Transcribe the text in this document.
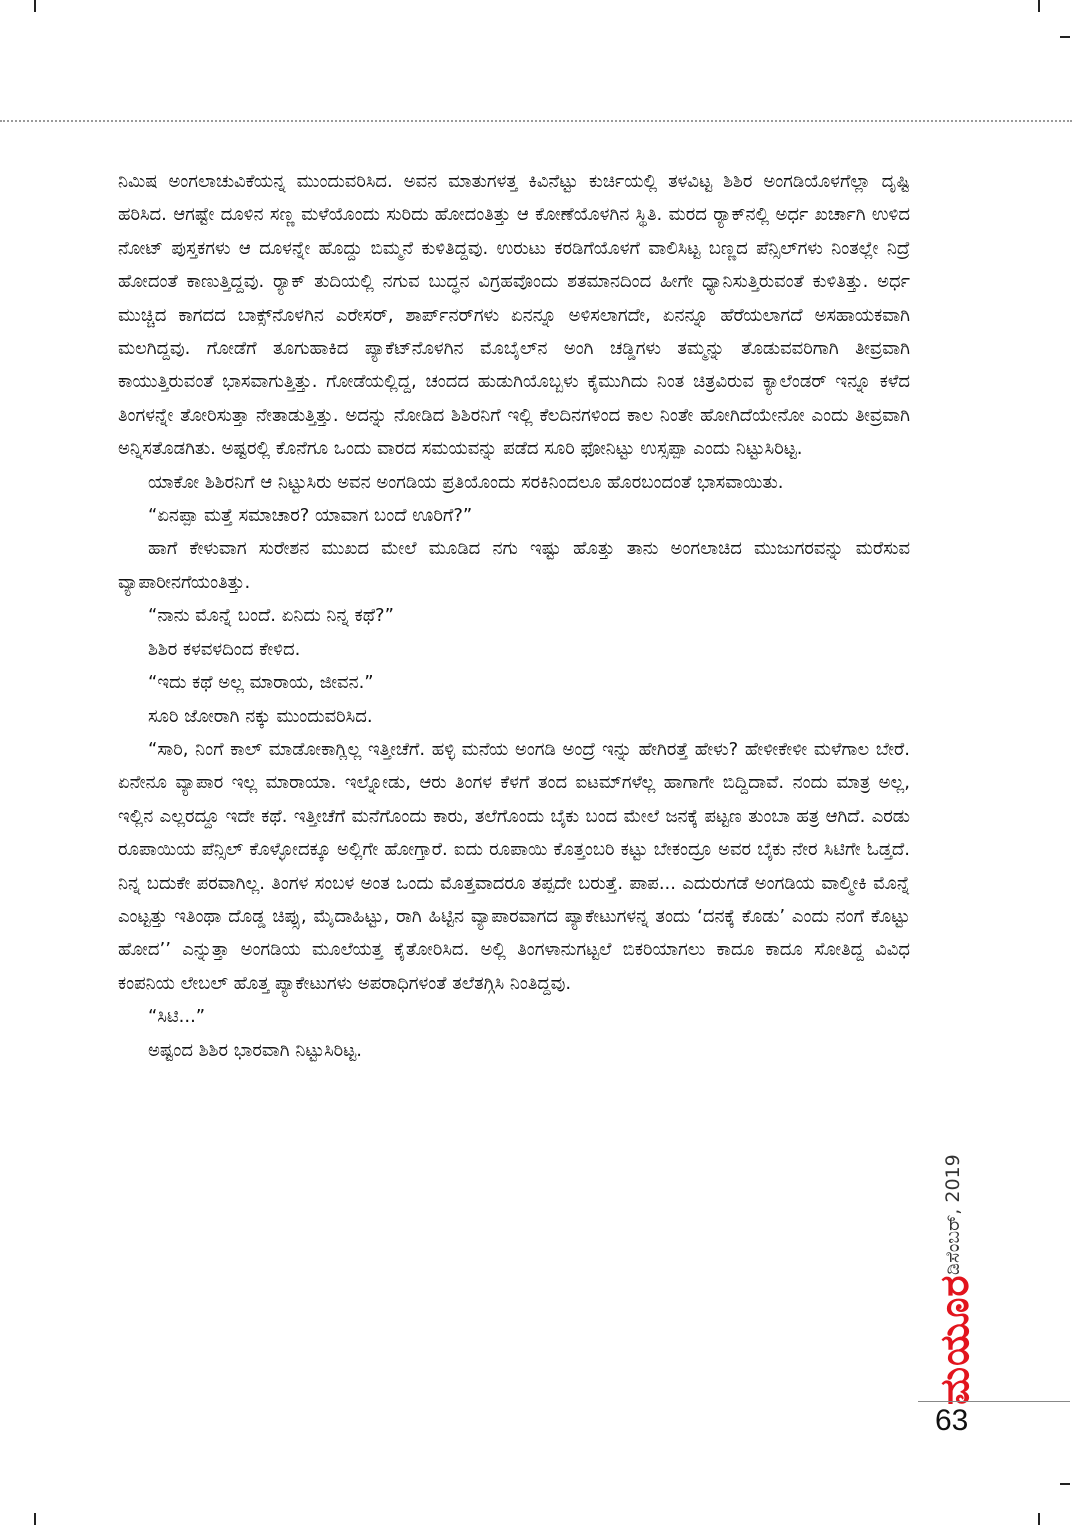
ನಿಮಿಷ ಅಂಗಲಾಚುವಿಕೆಯನ್ನ ಮುಂದುವರಿಸಿದ. ಅವನ ಮಾತುಗಳತ್ತ ಕಿವಿನೆಟ್ಟು ಕುರ್ಚಿಯಲ್ಲಿ ತಳವಿಟ್ಟ ಶಿಶಿರ ಅಂಗಡಿಯೊಳಗೆಲ್ಲಾ ದೃಷ್ಟಿ ಹರಿಸಿದ. ಆಗಷ್ಟೇ ದೂಳಿನ ಸಣ್ಣ ಮಳೆಯೊಂದು ಸುರಿದು ಹೋದಂತಿತ್ತು ಆ ಕೋಣೆಯೊಳಗಿನ ಸ್ಥಿತಿ. ಮರದ ರ್‍ಯಾಕ್‌ನಲ್ಲಿ ಅರ್ಧ ಖರ್ಚಾಗಿ ಉಳಿದ ನೋಟ್ ಪುಸ್ತಕಗಳು ಆ ದೂಳನ್ನೇ ಹೊದ್ದು ಬಿಮ್ಮನೆ ಕುಳಿತಿದ್ದವು. ಉರುಟು ಕರಡಿಗೆಯೊಳಗೆ ವಾಲಿಸಿಟ್ಟ ಬಣ್ಣದ ಪೆನ್ಸಿಲ್‌ಗಳು ನಿಂತಲ್ಲೇ ನಿದ್ರೆ ಹೋದಂತೆ ಕಾಣುತ್ತಿದ್ದವು. ರ್‍ಯಾಕ್ ತುದಿಯಲ್ಲಿ ನಗುವ ಬುದ್ಧನ ವಿಗ್ರಹವೊಂದು ಶತಮಾನದಿಂದ ಹೀಗೇ ಧ್ಯಾನಿಸುತ್ತಿರುವಂತೆ ಕುಳಿತಿತ್ತು. ಅರ್ಧ ಮುಚ್ಚಿದ ಕಾಗದದ ಬಾಕ್ಸ್‌ನೊಳಗಿನ ಎರೇಸರ್, ಶಾರ್ಪ್‌ನರ್‌ಗಳು ಏನನ್ನೂ ಅಳಿಸಲಾಗದೇ, ಏನನ್ನೂ ಹೆರೆಯಲಾಗದೆ ಅಸಹಾಯಕವಾಗಿ ಮಲಗಿದ್ದವು. ಗೋಡೆಗೆ ತೂಗುಹಾಕಿದ ಪ್ಯಾಕೆಟ್‌ನೊಳಗಿನ ಮೊಬೈಲ್‌ನ ಅಂಗಿ ಚಡ್ಡಿಗಳು ತಮ್ಮನ್ನು ತೊಡುವವರಿಗಾಗಿ ತೀವ್ರವಾಗಿ ಕಾಯುತ್ತಿರುವಂತೆ ಭಾಸವಾಗುತ್ತಿತ್ತು. ಗೋಡೆಯಲ್ಲಿದ್ದ, ಚಂದದ ಹುಡುಗಿಯೊಬ್ಬಳು ಕೈಮುಗಿದು ನಿಂತ ಚಿತ್ರವಿರುವ ಕ್ಯಾಲೆಂಡರ್ ಇನ್ನೂ ಕಳೆದ ತಿಂಗಳನ್ನೇ ತೋರಿಸುತ್ತಾ ನೇತಾಡುತ್ತಿತ್ತು. ಅದನ್ನು ನೋಡಿದ ಶಿಶಿರನಿಗೆ ಇಲ್ಲಿ ಕೆಲದಿನಗಳಿಂದ ಕಾಲ ನಿಂತೇ ಹೋಗಿದೆಯೇನೋ ಎಂದು ತೀವ್ರವಾಗಿ ಅನ್ನಿಸತೊಡಗಿತು. ಅಷ್ಟರಲ್ಲಿ ಕೊನೆಗೂ ಒಂದು ವಾರದ ಸಮಯವನ್ನು ಪಡೆದ ಸೂರಿ ಫೋನಿಟ್ಟು ಉಸ್ಸಪ್ಪಾ ಎಂದು ನಿಟ್ಟುಸಿರಿಟ್ಟ.

ಯಾಕೋ ಶಿಶಿರನಿಗೆ ಆ ನಿಟ್ಟುಸಿರು ಅವನ ಅಂಗಡಿಯ ಪ್ರತಿಯೊಂದು ಸರಕಿನಿಂದಲೂ ಹೊರಬಂದಂತೆ ಭಾಸವಾಯಿತು.

“ಏನಪ್ಪಾ ಮತ್ತೆ ಸಮಾಚಾರ? ಯಾವಾಗ ಬಂದೆ ಊರಿಗೆ?”

ಹಾಗೆ ಕೇಳುವಾಗ ಸುರೇಶನ ಮುಖದ ಮೇಲೆ ಮೂಡಿದ ನಗು ಇಷ್ಟು ಹೊತ್ತು ತಾನು ಅಂಗಲಾಚಿದ ಮುಜುಗರವನ್ನು ಮರೆಸುವ ವ್ಯಾಪಾರೀನಗೆಯಂತಿತ್ತು.

“ನಾನು ಮೊನ್ನೆ ಬಂದೆ. ಏನಿದು ನಿನ್ನ ಕಥೆ?”

ಶಿಶಿರ ಕಳವಳದಿಂದ ಕೇಳಿದ.

“ಇದು ಕಥೆ ಅಲ್ಲ ಮಾರಾಯ, ಜೀವನ.”

ಸೂರಿ ಜೋರಾಗಿ ನಕ್ಕು ಮುಂದುವರಿಸಿದ.

“ಸಾರಿ, ನಿಂಗೆ ಕಾಲ್ ಮಾಡೋಕಾಗ್ಲಿಲ್ಲ ಇತ್ತೀಚೆಗೆ. ಹಳ್ಳಿ ಮನೆಯ ಅಂಗಡಿ ಅಂದ್ರೆ ಇನ್ನು ಹೇಗಿರತ್ತೆ ಹೇಳು? ಹೇಳೀಕೇಳೀ ಮಳೆಗಾಲ ಬೇರೆ. ಏನೇನೂ ವ್ಯಾಪಾರ ಇಲ್ಲ ಮಾರಾಯಾ. ಇಲ್ನೋಡು, ಆರು ತಿಂಗಳ ಕೆಳಗೆ ತಂದ ಐಟಮ್‌ಗಳೆಲ್ಲ ಹಾಗಾಗೇ ಬಿದ್ದಿದಾವೆ. ನಂದು ಮಾತ್ರ ಅಲ್ಲ, ಇಲ್ಲಿನ ಎಲ್ಲರದ್ದೂ ಇದೇ ಕಥೆ. ಇತ್ತೀಚೆಗೆ ಮನೆಗೊಂದು ಕಾರು, ತಲೆಗೊಂದು ಬೈಕು ಬಂದ ಮೇಲೆ ಜನಕ್ಕೆ ಪಟ್ಟಣ ತುಂಬಾ ಹತ್ರ ಆಗಿದೆ. ಎರಡು ರೂಪಾಯಿಯ ಪೆನ್ಸಿಲ್ ಕೊಳ್ಳೋದಕ್ಕೂ ಅಲ್ಲಿಗೇ ಹೋಗ್ತಾರೆ. ಐದು ರೂಪಾಯಿ ಕೊತ್ತಂಬರಿ ಕಟ್ಟು ಬೇಕಂದ್ರೂ ಅವರ ಬೈಕು ನೇರ ಸಿಟಿಗೇ ಓಡ್ತದೆ. ನಿನ್ನ ಬದುಕೇ ಪರವಾಗಿಲ್ಲ. ತಿಂಗಳ ಸಂಬಳ ಅಂತ ಒಂದು ಮೊತ್ತವಾದರೂ ತಪ್ಪದೇ ಬರುತ್ತೆ. ಪಾಪ... ಎದುರುಗಡೆ ಅಂಗಡಿಯ ವಾಲ್ಮೀಕಿ ಮೊನ್ನೆ ಎಂಟ್ಟತ್ತು ಇತಿಂಥಾ ದೊಡ್ಡ ಚಿಪ್ಸು, ಮೈದಾಹಿಟ್ಟು, ರಾಗಿ ಹಿಟ್ಟಿನ ವ್ಯಾಪಾರವಾಗದ ಪ್ಯಾಕೇಟುಗಳನ್ನ ತಂದು ‘ದನಕ್ಕೆ ಕೊಡು’ ಎಂದು ನಂಗೆ ಕೊಟ್ಟು ಹೋದ’’ ಎನ್ನುತ್ತಾ ಅಂಗಡಿಯ ಮೂಲೆಯತ್ತ ಕೈತೋರಿಸಿದ. ಅಲ್ಲಿ ತಿಂಗಳಾನುಗಟ್ಟಲೆ ಬಿಕರಿಯಾಗಲು ಕಾದೂ ಕಾದೂ ಸೋತಿದ್ದ ವಿವಿಧ ಕಂಪನಿಯ ಲೇಬಲ್ ಹೊತ್ತ ಪ್ಯಾಕೇಟುಗಳು ಅಪರಾಧಿಗಳಂತೆ ತಲೆತಗ್ಗಿಸಿ ನಿಂತಿದ್ದವು.

“ಸಿಟಿ...”

ಅಷ್ಟಂದ ಶಿಶಿರ ಭಾರವಾಗಿ ನಿಟ್ಟುಸಿರಿಟ್ಟ.

ಡಿಸೆಂಬರ್, 2019
ಮಯೂರ
63
